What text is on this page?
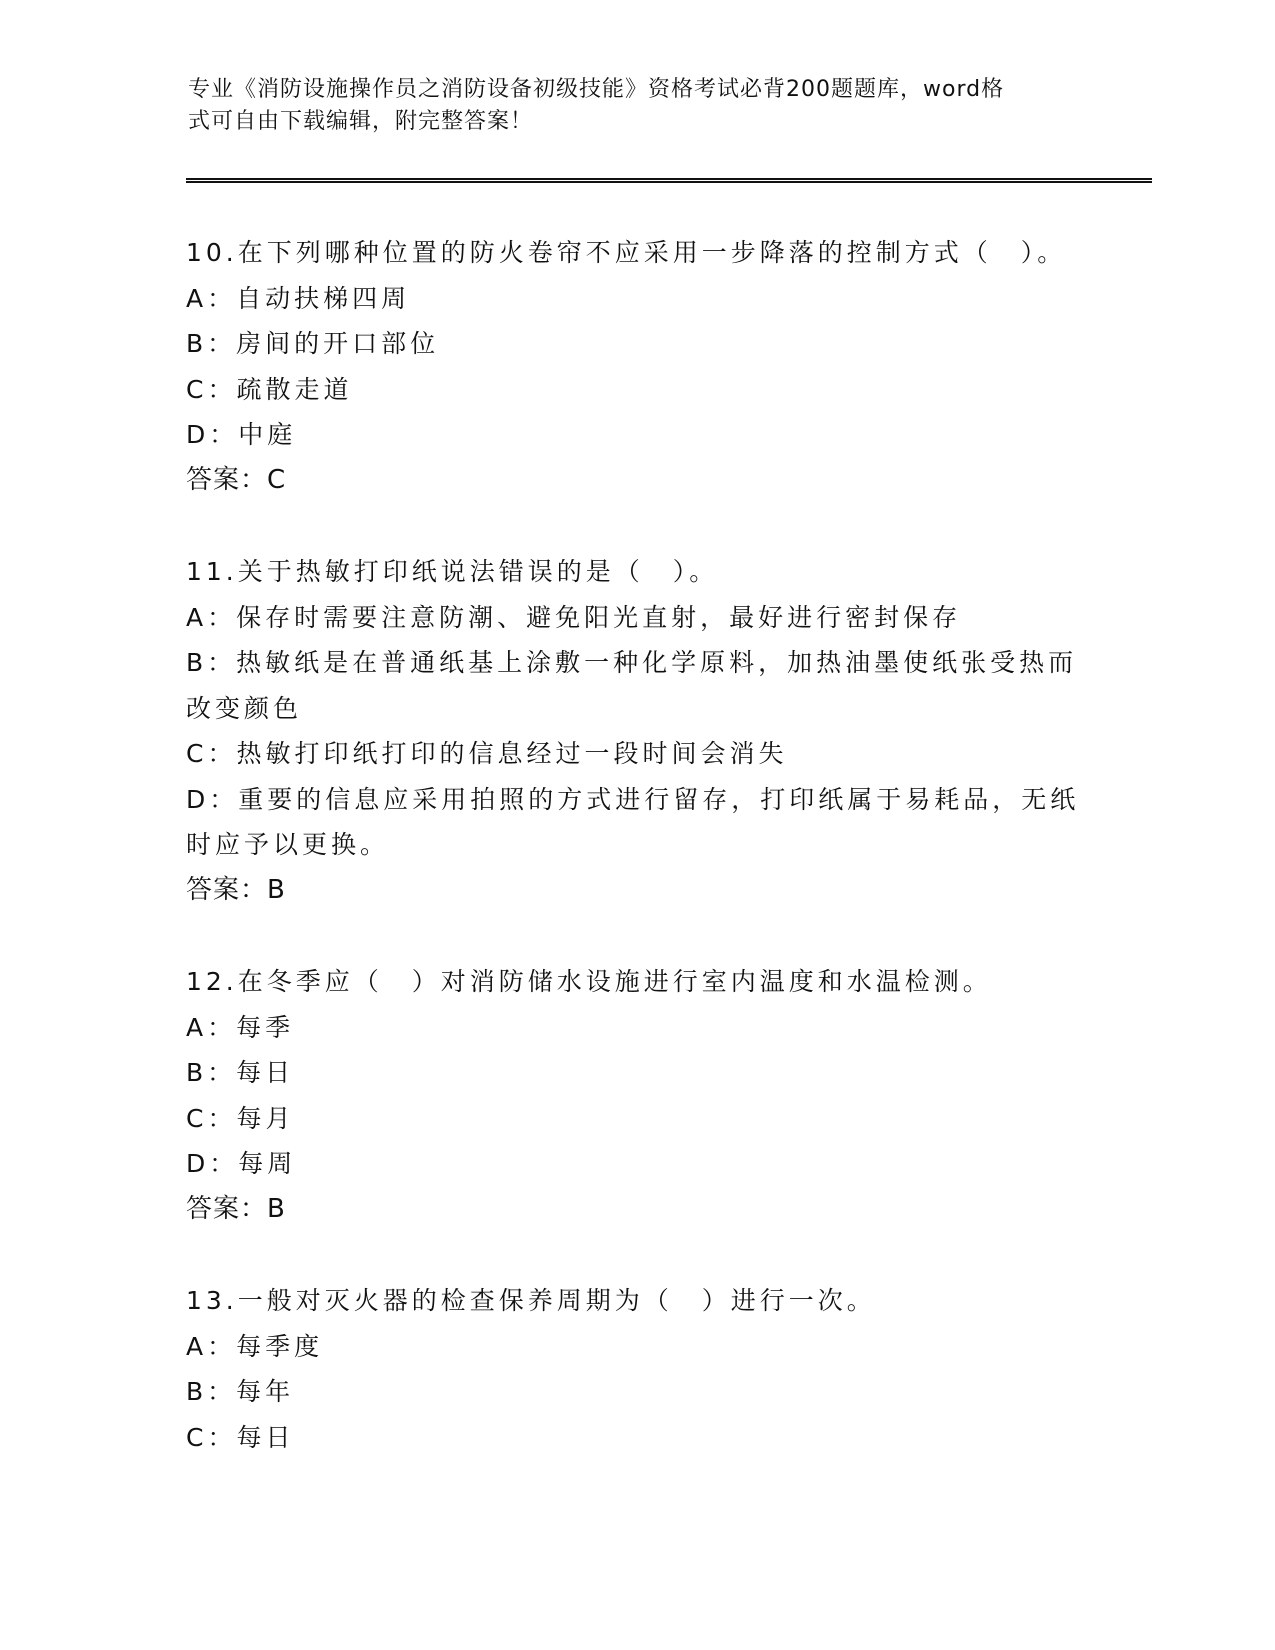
专业《消防设施操作员之消防设备初级技能》资格考试必背200题题库，word格
式可自由下载编辑，附完整答案！
10.在下列哪种位置的防火卷帘不应采用一步降落的控制方式（　）。
A：自动扶梯四周
B：房间的开口部位
C：疏散走道
D：中庭
答案：C
11.关于热敏打印纸说法错误的是（　）。
A：保存时需要注意防潮、避免阳光直射，最好进行密封保存
B：热敏纸是在普通纸基上涂敷一种化学原料，加热油墨使纸张受热而
改变颜色
C：热敏打印纸打印的信息经过一段时间会消失
D：重要的信息应采用拍照的方式进行留存，打印纸属于易耗品，无纸
时应予以更换。
答案：B
12.在冬季应（　）对消防储水设施进行室内温度和水温检测。
A：每季
B：每日
C：每月
D：每周
答案：B
13.一般对灭火器的检查保养周期为（　）进行一次。
A：每季度
B：每年
C：每日
